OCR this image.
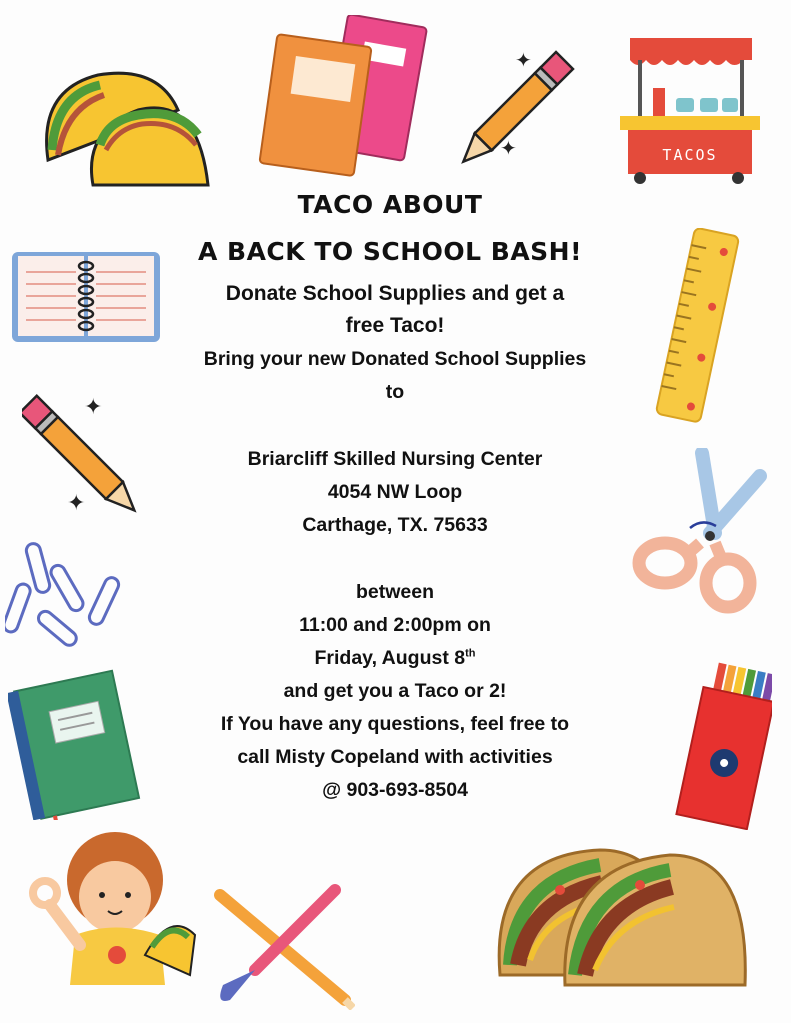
✦
✦	TACOS
✦
✦
TACO ABOUT
A BACK TO SCHOOL BASH!
Donate School Supplies and get a
free Taco!
Bring your new Donated School Supplies
to
Briarcliff Skilled Nursing Center
4054 NW Loop
Carthage, TX. 75633
between
11:00 and 2:00pm on
Friday, August 8th
and get you a Taco or 2!
If You have any questions, feel free to
call Misty Copeland with activities
@ 903-693-8504
